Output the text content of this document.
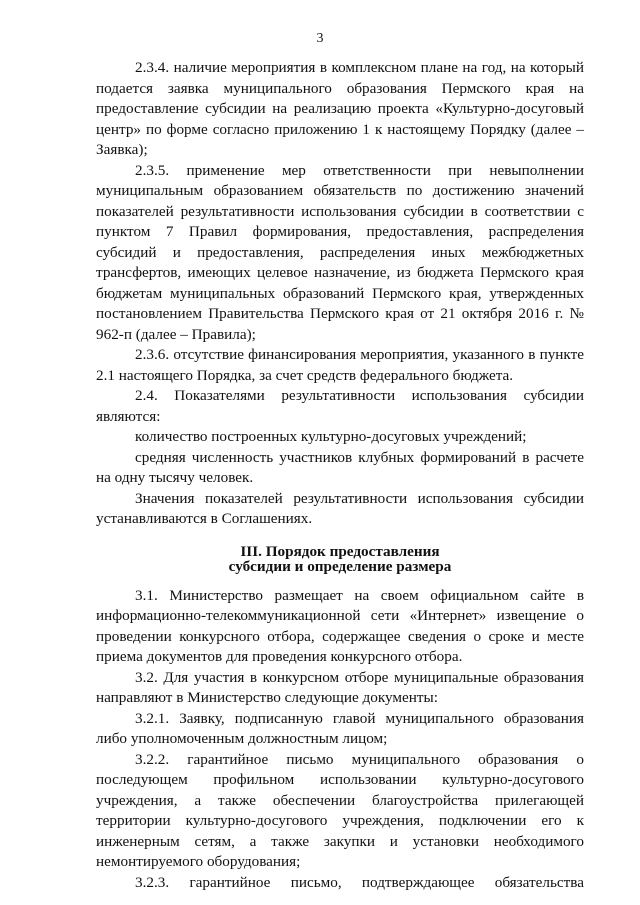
3

2.3.4. наличие мероприятия в комплексном плане на год, на который подается заявка муниципального образования Пермского края на предоставление субсидии на реализацию проекта «Культурно-досуговый центр» по форме согласно приложению 1 к настоящему Порядку (далее – Заявка);

2.3.5. применение мер ответственности при невыполнении муниципальным образованием обязательств по достижению значений показателей результативности использования субсидии в соответствии с пунктом 7 Правил формирования, предоставления, распределения субсидий и предоставления, распределения иных межбюджетных трансфертов, имеющих целевое назначение, из бюджета Пермского края бюджетам муниципальных образований Пермского края, утвержденных постановлением Правительства Пермского края от 21 октября 2016 г. № 962-п (далее – Правила);

2.3.6. отсутствие финансирования мероприятия, указанного в пункте 2.1 настоящего Порядка, за счет средств федерального бюджета.

2.4. Показателями результативности использования субсидии являются:

количество построенных культурно-досуговых учреждений;

средняя численность участников клубных формирований в расчете на одну тысячу человек.

Значения показателей результативности использования субсидии устанавливаются в Соглашениях.

III. Порядок предоставления
субсидии и определение размера

3.1. Министерство размещает на своем официальном сайте в информационно-телекоммуникационной сети «Интернет» извещение о проведении конкурсного отбора, содержащее сведения о сроке и месте приема документов для проведения конкурсного отбора.

3.2. Для участия в конкурсном отборе муниципальные образования направляют в Министерство следующие документы:

3.2.1. Заявку, подписанную главой муниципального образования либо уполномоченным должностным лицом;

3.2.2. гарантийное письмо муниципального образования о последующем профильном использовании культурно-досугового учреждения, а также обеспечении благоустройства прилегающей территории культурно-досугового учреждения, подключении его к инженерным сетям, а также закупки и установки необходимого немонтируемого оборудования;

3.2.3. гарантийное письмо, подтверждающее обязательства
